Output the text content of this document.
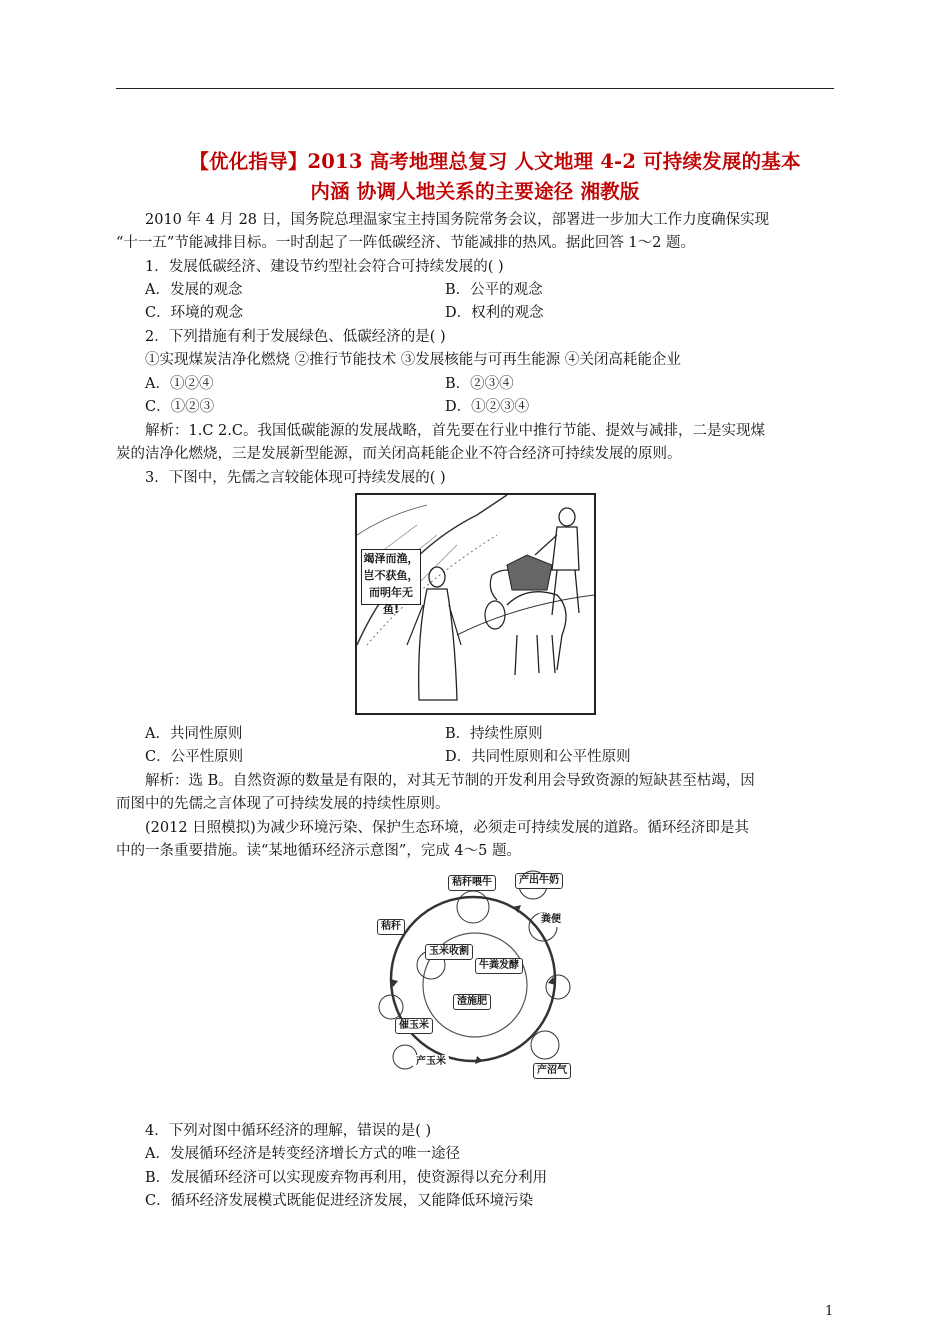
【优化指导】2013 高考地理总复习 人文地理 4-2 可持续发展的基本
内涵 协调人地关系的主要途径 湘教版
2010 年 4 月 28 日，国务院总理温家宝主持国务院常务会议，部署进一步加大工作力度确保实现
“十一五”节能减排目标。一时刮起了一阵低碳经济、节能减排的热风。据此回答 1～2 题。
1．发展低碳经济、建设节约型社会符合可持续发展的( )
A．发展的观念	B．公平的观念
C．环境的观念	D．权利的观念
2．下列措施有利于发展绿色、低碳经济的是( )
①实现煤炭洁净化燃烧 ②推行节能技术 ③发展核能与可再生能源 ④关闭高耗能企业
A．①②④	B．②③④
C．①②③	D．①②③④
解析：1.C 2.C。我国低碳能源的发展战略，首先要在行业中推行节能、提效与减排，二是实现煤
炭的洁净化燃烧，三是发展新型能源，而关闭高耗能企业不符合经济可持续发展的原则。
3．下图中，先儒之言较能体现可持续发展的( )
竭泽而渔，
岂不获鱼，
而明年无鱼!
A．共同性原则	B．持续性原则
C．公平性原则	D．共同性原则和公平性原则
解析：选 B。自然资源的数量是有限的，对其无节制的开发利用会导致资源的短缺甚至枯竭，因
而图中的先儒之言体现了可持续发展的持续性原则。
(2012 日照模拟)为减少环境污染、保护生态环境，必须走可持续发展的道路。循环经济即是其
中的一条重要措施。读“某地循环经济示意图”，完成 4～5 题。
秸秆喂牛	产出牛奶
粪便
秸秆
玉米收割
牛粪发酵
渣施肥
催玉米
产玉米
产沼气
4．下列对图中循环经济的理解，错误的是( )
A．发展循环经济是转变经济增长方式的唯一途径
B．发展循环经济可以实现废弃物再利用，使资源得以充分利用
C．循环经济发展模式既能促进经济发展，又能降低环境污染
1
